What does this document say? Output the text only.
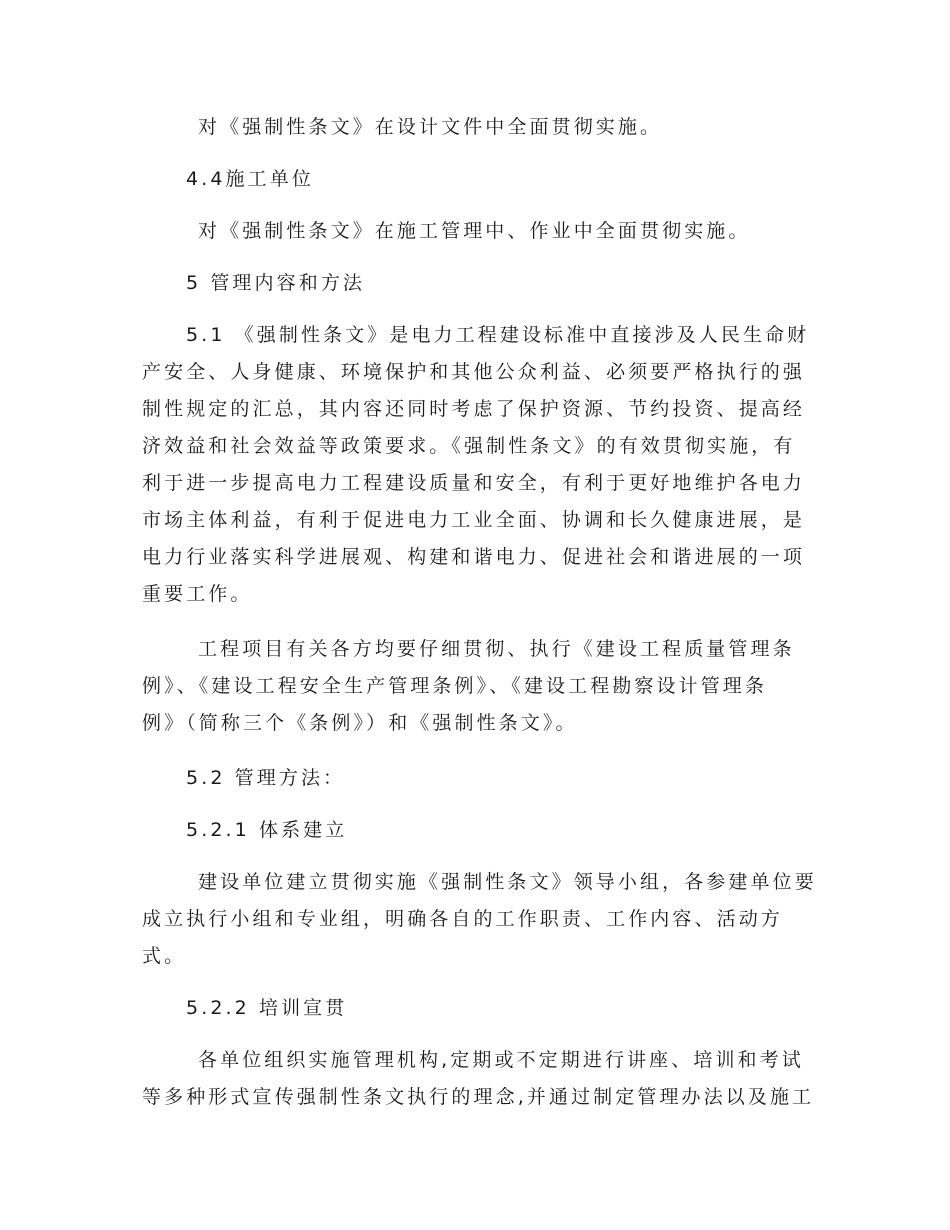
对《强制性条文》在设计文件中全面贯彻实施。
4.4施工单位
对《强制性条文》在施工管理中、作业中全面贯彻实施。
5 管理内容和方法
5.1 《强制性条文》是电力工程建设标准中直接涉及人民生命财
产安全、人身健康、环境保护和其他公众利益、必须要严格执行的强
制性规定的汇总，其内容还同时考虑了保护资源、节约投资、提高经
济效益和社会效益等政策要求。《强制性条文》的有效贯彻实施，有
利于进一步提高电力工程建设质量和安全，有利于更好地维护各电力
市场主体利益，有利于促进电力工业全面、协调和长久健康进展，是
电力行业落实科学进展观、构建和谐电力、促进社会和谐进展的一项
重要工作。
工程项目有关各方均要仔细贯彻、执行《建设工程质量管理条
例》、《建设工程安全生产管理条例》、《建设工程勘察设计管理条
例》（简称三个《条例》）和《强制性条文》。
5.2 管理方法：
5.2.1 体系建立
建设单位建立贯彻实施《强制性条文》领导小组，各参建单位要
成立执行小组和专业组，明确各自的工作职责、工作内容、活动方
式。
5.2.2 培训宣贯
各单位组织实施管理机构,定期或不定期进行讲座、培训和考试
等多种形式宣传强制性条文执行的理念,并通过制定管理办法以及施工
